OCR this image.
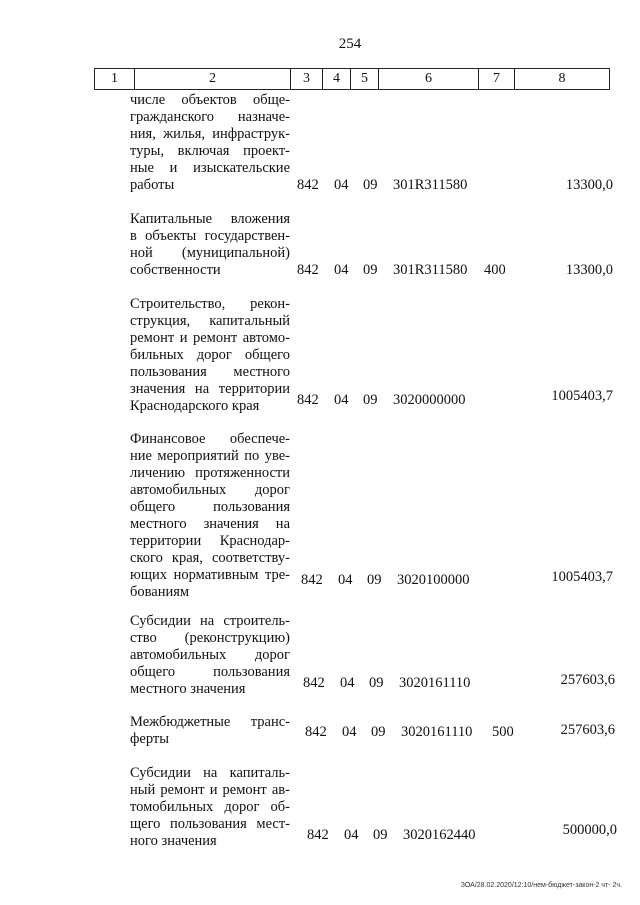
254
1	2	3	4	5	6	7	8
числе объектов обще-
гражданского назначе-
ния, жилья, инфраструк-
туры, включая проект-
ные и изыскательские
работы	842 04 09 301R311580	13300,0
Капитальные вложения
в объекты государствен-
ной (муниципальной)
собственности	842 04 09 301R311580 400	13300,0
Строительство, рекон-
струкция, капитальный
ремонт и ремонт автомо-
бильных дорог общего
пользования местного
значения на территории
Краснодарского края	842 04 09 3020000000	1005403,7
Финансовое обеспече-
ние мероприятий по уве-
личению протяженности
автомобильных дорог
общего пользования
местного значения на
территории Краснодар-
ского края, соответству-
ющих нормативным тре-
бованиям
842 04 09 3020100000	1005403,7
Субсидии на строитель-
ство (реконструкцию)
автомобильных дорог
общего пользования
местного значения	842 04 09 3020161110	257603,6
Межбюджетные транс-
ферты	842 04 09 3020161110 500	257603,6
Субсидии на капиталь-
ный ремонт и ремонт ав-
томобильных дорог об-
щего пользования мест-
ного значения	842 04 09 3020162440	500000,0
ЗОА/28.02.2020/12:10/нем-бюджет-закон-2 чт- 2ч.
